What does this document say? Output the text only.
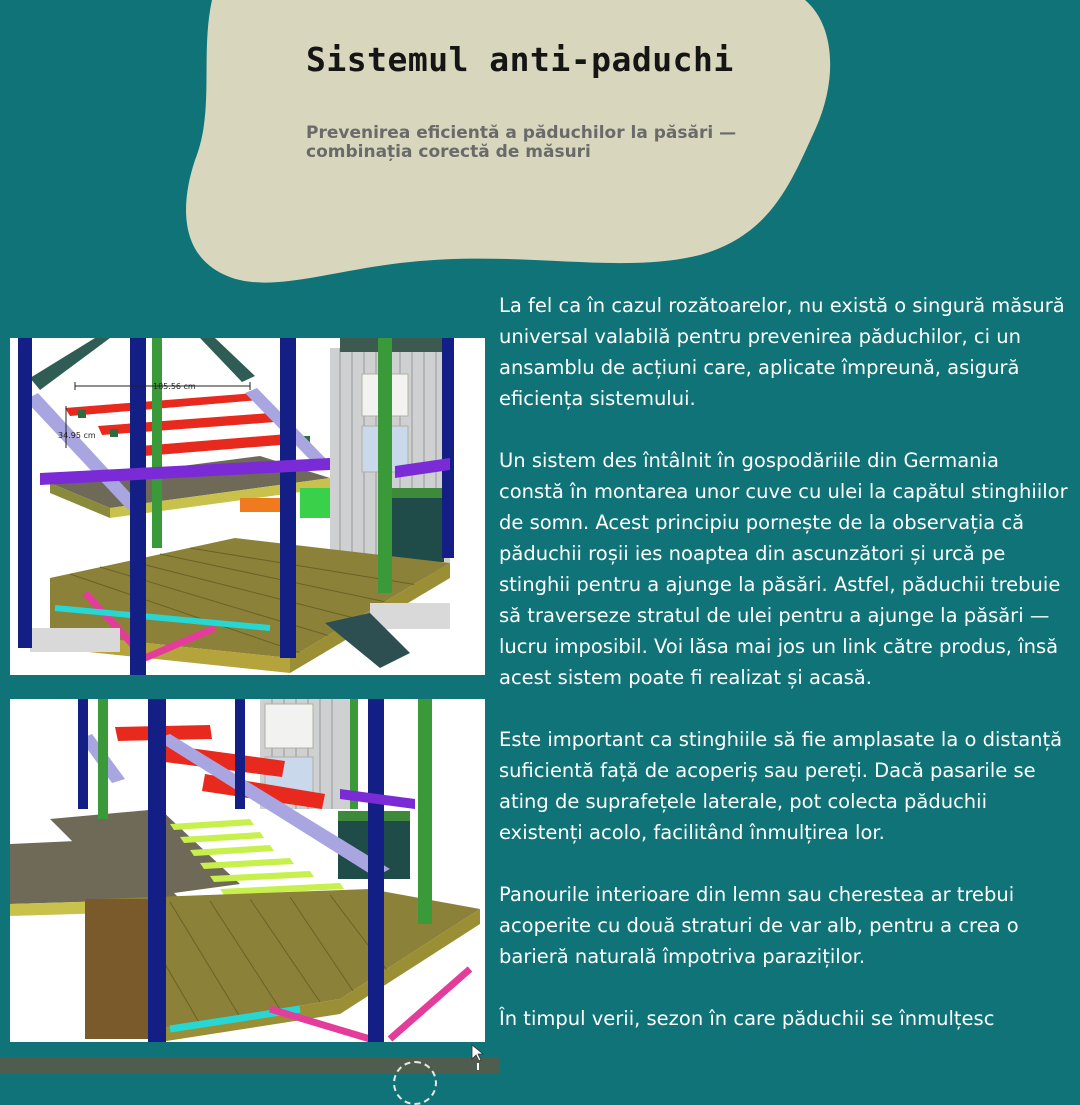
Sistemul anti-paduchi

Prevenirea eficientă a păduchilor la păsări — combinația corectă de măsuri

185.56 cm
34.95 cm

La fel ca în cazul rozătoarelor, nu există o singură măsură universal valabilă pentru prevenirea păduchilor, ci un ansamblu de acțiuni care, aplicate împreună, asigură eficiența sistemului.

Un sistem des întâlnit în gospodăriile din Germania constă în montarea unor cuve cu ulei la capătul stinghiilor de somn. Acest principiu pornește de la observația că păduchii roșii ies noaptea din ascunzători și urcă pe stinghii pentru a ajunge la păsări. Astfel, păduchii trebuie să traverseze stratul de ulei pentru a ajunge la păsări — lucru imposibil. Voi lăsa mai jos un link către produs, însă acest sistem poate fi realizat și acasă.

Este important ca stinghiile să fie amplasate la o distanță suficientă față de acoperiș sau pereți. Dacă pasarile se ating de suprafețele laterale, pot colecta păduchii existenți acolo, facilitând înmulțirea lor.

Panourile interioare din lemn sau cherestea ar trebui acoperite cu două straturi de var alb, pentru a crea o barieră naturală împotriva paraziților.

În timpul verii, sezon în care păduchii se înmulțesc
